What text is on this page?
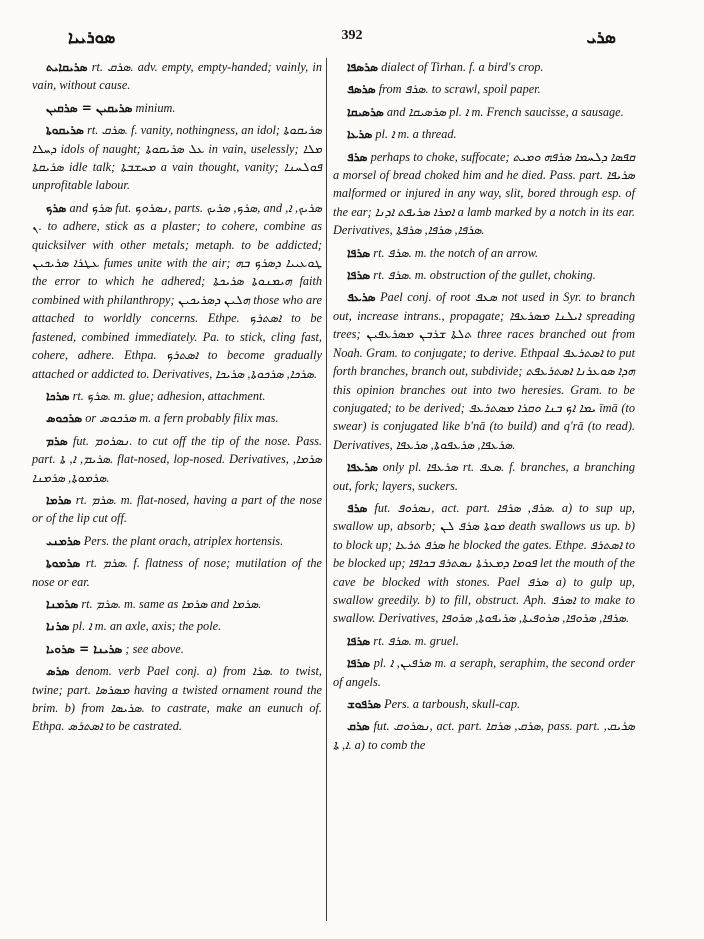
ܣܘܪܝܝܐ	392	ܣܪܝ

ܣܪܝܩܐܝܬ rt. ܣܪܩ. adv. empty, empty-handed; vainly, in vain, without cause.

ܣܪܝܩܝܢ = ܣܪܩܝܢ minium.

ܣܪܝܩܘܬܐ rt. ܣܪܩ. f. vanity, nothingness, an idol; ܣܪܝܩܘܬܐ ܕܚܠܐ idols of naught; ܥܠ ܣܪܝܩܘܬܐ in vain, uselessly; ܡܠܐ ܣܪܝܩܬܐ idle talk; ܡܚܫܒܬܐ a vain thought, vanity; ܦܘܠܚܢܐ unprofitable labour.

ܣܪܟ and ܣܪܟ fut. ܢܣܪܘܟ, parts. ܣܪܟ, ܣܪܝܟ, and ܣܪܝܟ, ܐ, ܢ. to adhere, stick as a plaster; to cohere, combine as quicksilver with other metals; metaph. to be addicted; ܥܛܪܐ ܣܪܝܟܝܢ fumes unite with the air; ܛܘܥܝܝܐ ܕܣܪܟ ܒܗ the error to which he adhered; ܗܝܡܢܘܬܐ ܣܪܝܟܬܐ faith combined with philanthropy; ܗܠܝܢ ܕܣܪܝܟܝܢ those who are attached to worldly concerns. Ethpe. ܐܣܬܪܟ to be fastened, combined immediately. Pa. to stick, cling fast, cohere, adhere. Ethpa. ܐܣܬܪܟ to become gradually attached or addicted to. Derivatives, ܣܪܟܐ, ܣܪܟܘܬܐ, ܣܪܝܟܐ.

ܣܪܟܐ rt. ܣܪܟ. m. glue; adhesion, attachment.

ܣܪܟܘܣ or ܣܪܟܘܣ m. a fern probably filix mas.

ܣܪܡ fut. ܢܣܪܘܡ. to cut off the tip of the nose. Pass. part. ܣܪܝܡ, ܐ, ܬܐ. flat-nosed, lop-nosed. Derivatives, ܣܪܡܐ, ܣܪܡܘܬܐ, ܣܪܡܢܐ.

ܣܪܡܐ rt. ܣܪܡ. m. flat-nosed, having a part of the nose or of the lip cut off.

ܣܪܡܢܝ Pers. the plant orach, atriplex hortensis.

ܣܪܡܘܬܐ rt. ܣܪܡ. f. flatness of nose; mutilation of the nose or ear.

ܣܪܡܢܐ rt. ܣܪܡ. m. same as ܣܪܡܐ and ܣܪܡܐ.

ܣܪܢܐ pl. ܐ m. an axle, axis; the pole.

ܣܪܝܢܐ = ܣܪܘܝܐ ; see above.

ܣܪܣ denom. verb Pael conj. a) from ܣܪܐ. to twist, twine; part. ܡܣܪܣܐ having a twisted ornament round the brim. b) from ܣܪܝܣܐ. to castrate, make an eunuch of. Ethpa. ܐܣܬܪܣ to be castrated.

ܣܪܣܦܐ dialect of Tirhan. f. a bird's crop.

ܣܪܣܦ from ܣܪܦ. to scrawl, spoil paper.

ܣܪܣܝܩܐ and ܣܪܣܝܩܐ pl. ܐ m. French saucisse, a sausage.

ܣܪܥܐ pl. ܐ m. a thread.

ܣܪܦ perhaps to choke, suffocate; ܩܦܣܐ ܕܠܚܡܐ ܣܪܦܗ ܘܡܝܬ a morsel of bread choked him and he died. Pass. part. ܣܪܝܦܐ malformed or injured in any way, slit, bored through esp. of the ear; ܐܡܪܐ ܣܪܝܦܬ ܐܕܢܐ a lamb marked by a notch in its ear. Derivatives, ܣܪܦܐ, ܣܪܦܐ, ܣܪܦܬܐ.

ܣܪܦܐ rt. ܣܪܦ. m. the notch of an arrow.

ܣܪܦܐ rt. ܣܪܦ. m. obstruction of the gullet, choking.

ܣܪܥܦ Pael conj. of root ܣܥܦ not used in Syr. to branch out, increase intrans., propagate; ܐܝܠܢܐ ܡܣܪܥܦܐ spreading trees; ܬܠܬܐ ܫܪܒܢ ܡܣܪܥܦܝܢ three races branched out from Noah. Gram. to conjugate; to derive. Ethpaal ܐܣܬܪܥܦ to put forth branches, branch out, subdivide; ܗܕܐ ܣܘܥܪܢܐ ܐܣܬܪܥܦܬ this opinion branches out into two heresies. Gram. to be conjugated; to be derived; ܝܡܐ ܐܟ ܒܢܐ ܘܩܪܐ ܡܣܬܪܥܦ īmā (to swear) is conjugated like b'nā (to build) and q'rā (to read). Derivatives, ܣܪܥܦܐ, ܣܪܥܦܘܬܐ, ܣܪܥܦܐ.

ܣܪܥܦܐ only pl. ܣܪܥܦܐ rt. ܣܥܦ. f. branches, a branching out, fork; layers, suckers.

ܣܪܦ fut. ܢܣܪܘܦ, act. part. ܣܪܦ, ܣܪܦܐ. a) to sup up, swallow up, absorb; ܡܘܬܐ ܣܪܦ ܠܢ death swallows us up. b) to block up; ܣܪܦ ܬܪܥܐ he blocked the gates. Ethpe. ܐܣܬܪܦ to be blocked up; ܦܘܡܐ ܕܡܥܪܬܐ ܢܣܬܪܦ ܒܟܐܦܐ let the mouth of the cave be blocked with stones. Pael ܣܪܦ a) to gulp up, swallow greedily. b) to fill, obstruct. Aph. ܐܣܪܦ to make to swallow. Derivatives, ܣܪܦܐ, ܣܪܘܦܐ, ܣܪܘܦܝܬܐ, ܣܪܝܦܘܬܐ, ܣܪܘܦܐ.

ܣܪܦܐ rt. ܣܪܦ. m. gruel.

ܣܪܦܐ pl. ܣܪܦܝܢ, ܐ m. a seraph, seraphim, the second order of angels.

ܣܪܦܘܫ Pers. a tarboush, skull-cap.

ܣܪܩ fut. ܢܣܪܘܩ, act. part. ܣܪܩ, ܣܪܩܐ, pass. part. ܣܪܝܩ, ܐ, ܬܐ. a) to comb the
